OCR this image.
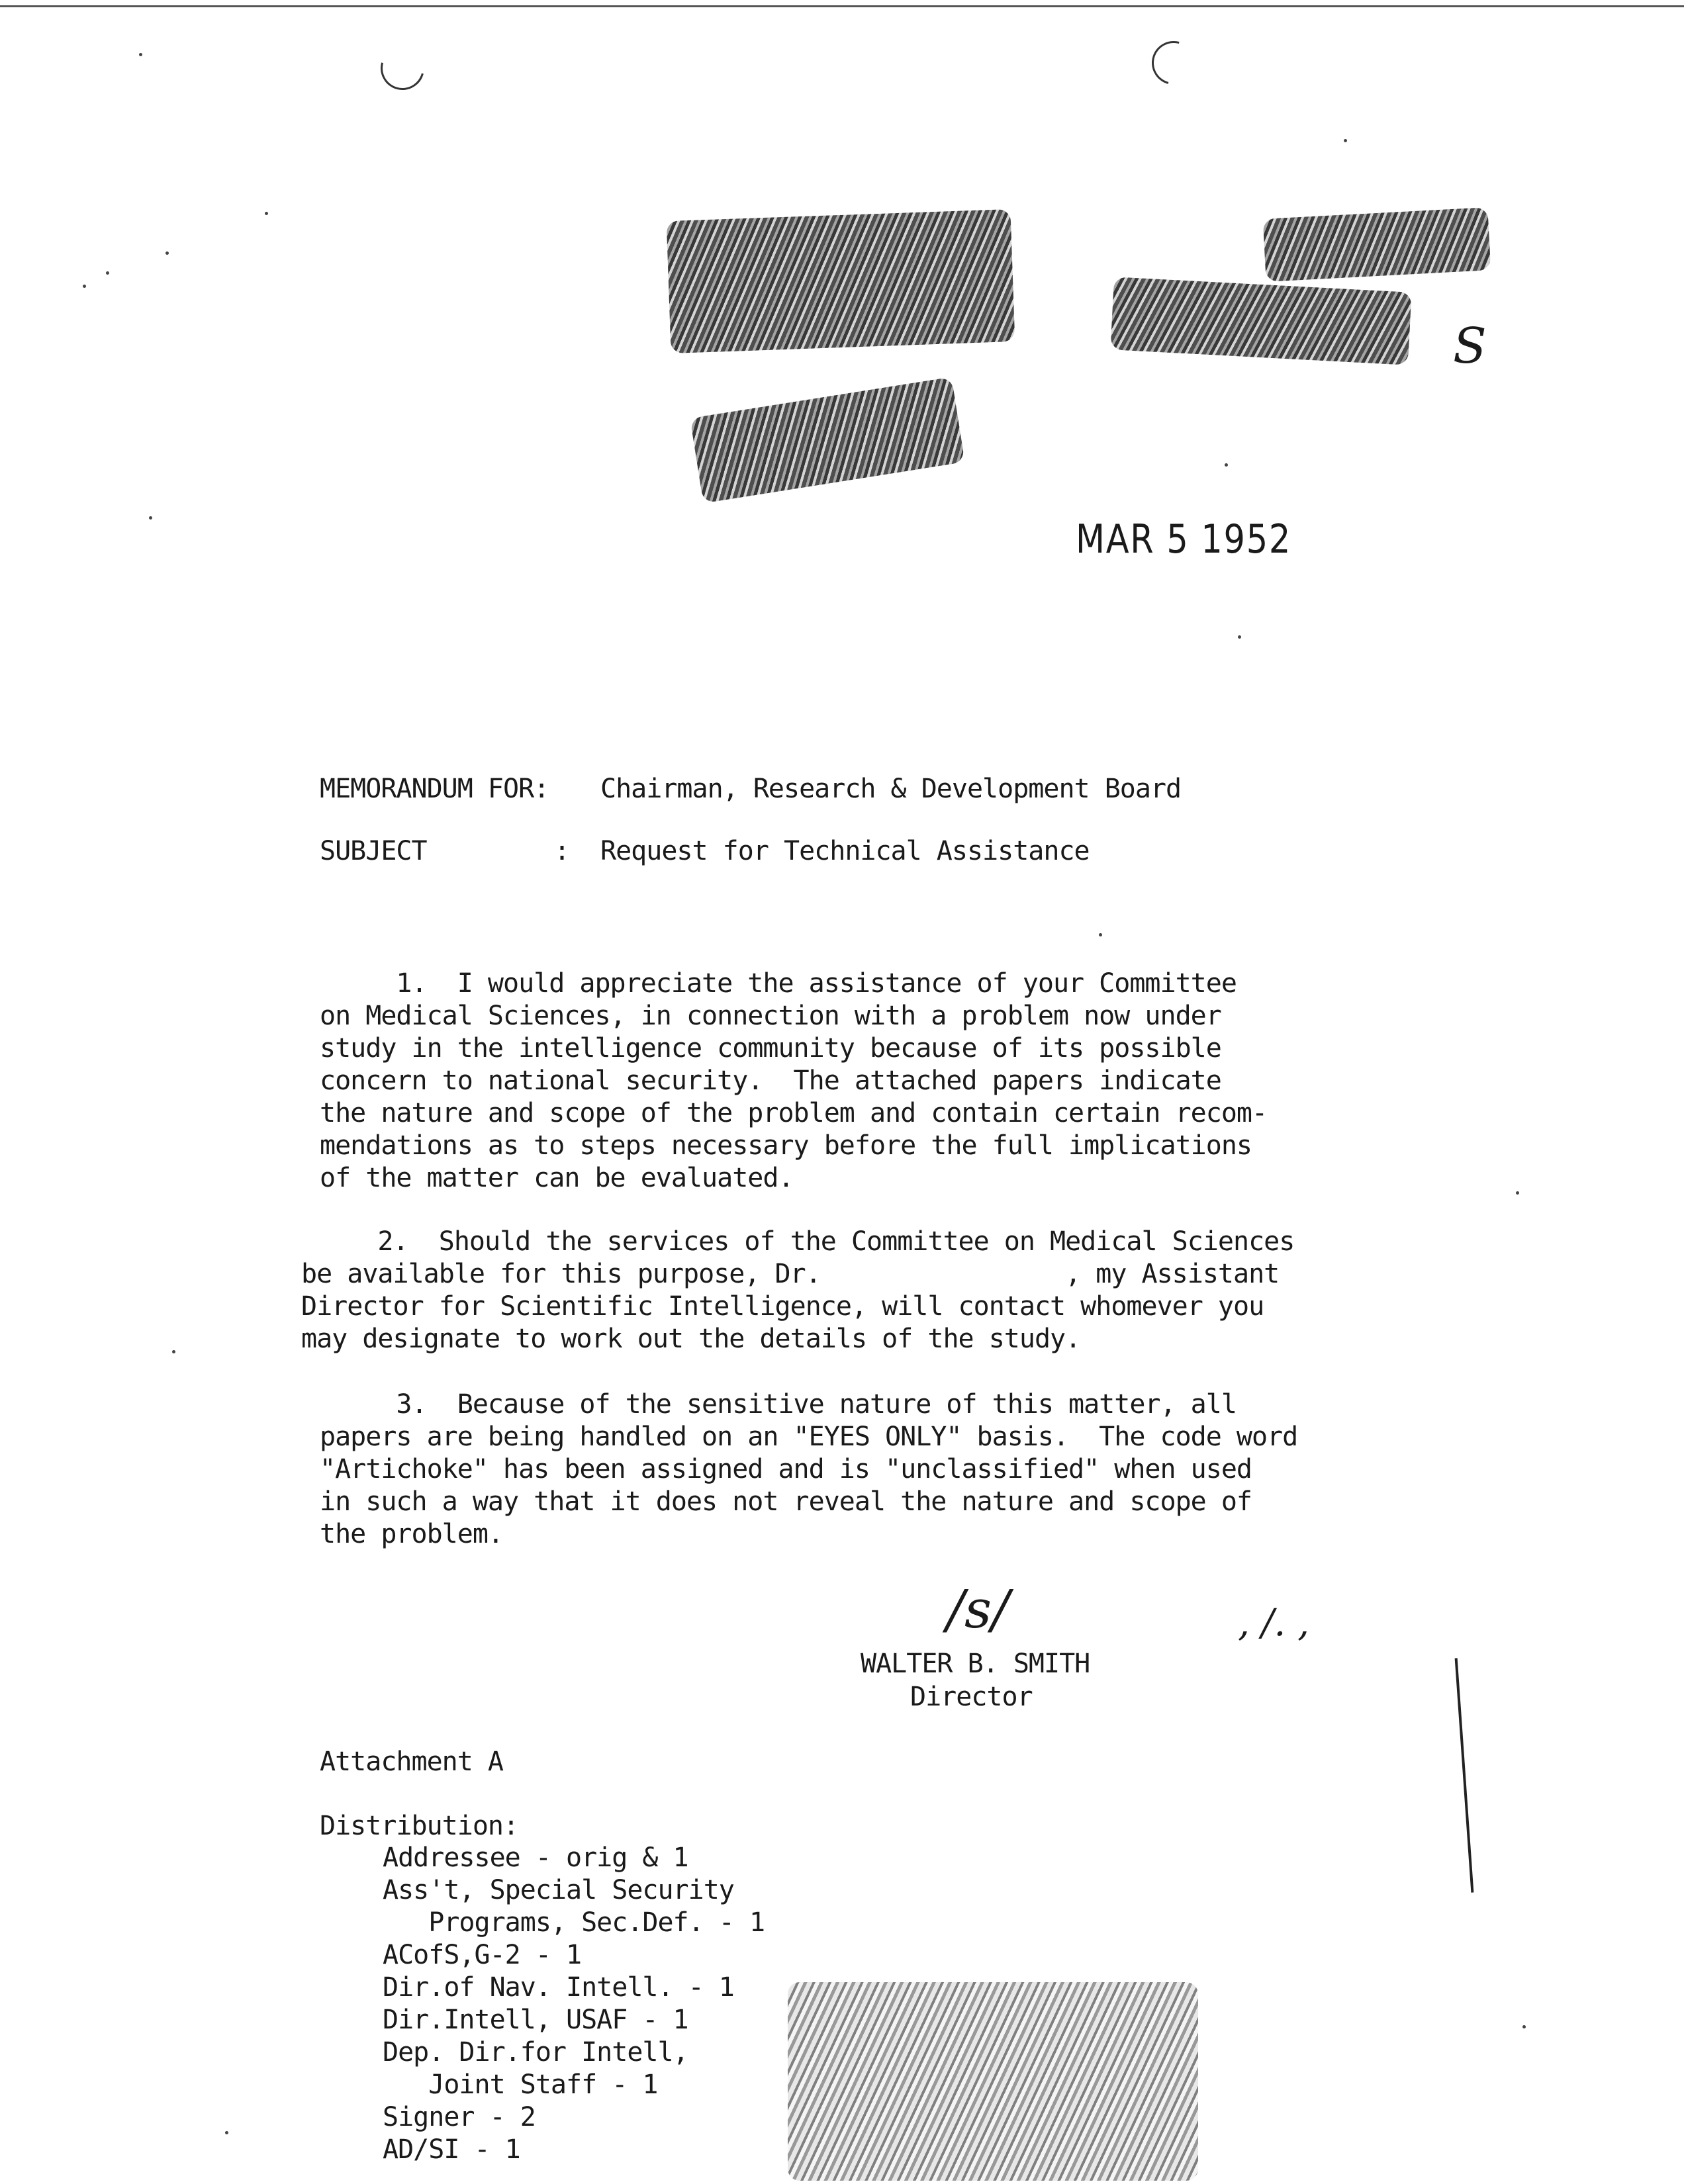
S
MAR 5 1952
MEMORANDUM FOR: Chairman, Research & Development Board
SUBJECT	: Request for Technical Assistance
1.  I would appreciate the assistance of your Committee
on Medical Sciences, in connection with a problem now under
study in the intelligence community because of its possible
concern to national security.  The attached papers indicate
the nature and scope of the problem and contain certain recom-
mendations as to steps necessary before the full implications
of the matter can be evaluated.
2.  Should the services of the Committee on Medical Sciences
be available for this purpose, Dr.                , my Assistant
Director for Scientific Intelligence, will contact whomever you
may designate to work out the details of the study.
3.  Because of the sensitive nature of this matter, all
papers are being handled on an "EYES ONLY" basis.  The code word
"Artichoke" has been assigned and is "unclassified" when used
in such a way that it does not reveal the nature and scope of
the problem.
/s/
WALTER B. SMITH
Director
, /. ,
Attachment A
Distribution:
Addressee - orig & 1
Ass't, Special Security
Programs, Sec.Def. - 1
ACofS,G-2 - 1
Dir.of Nav. Intell. - 1
Dir.Intell, USAF - 1
Dep. Dir.for Intell,
Joint Staff - 1
Signer - 2
AD/SI - 1
